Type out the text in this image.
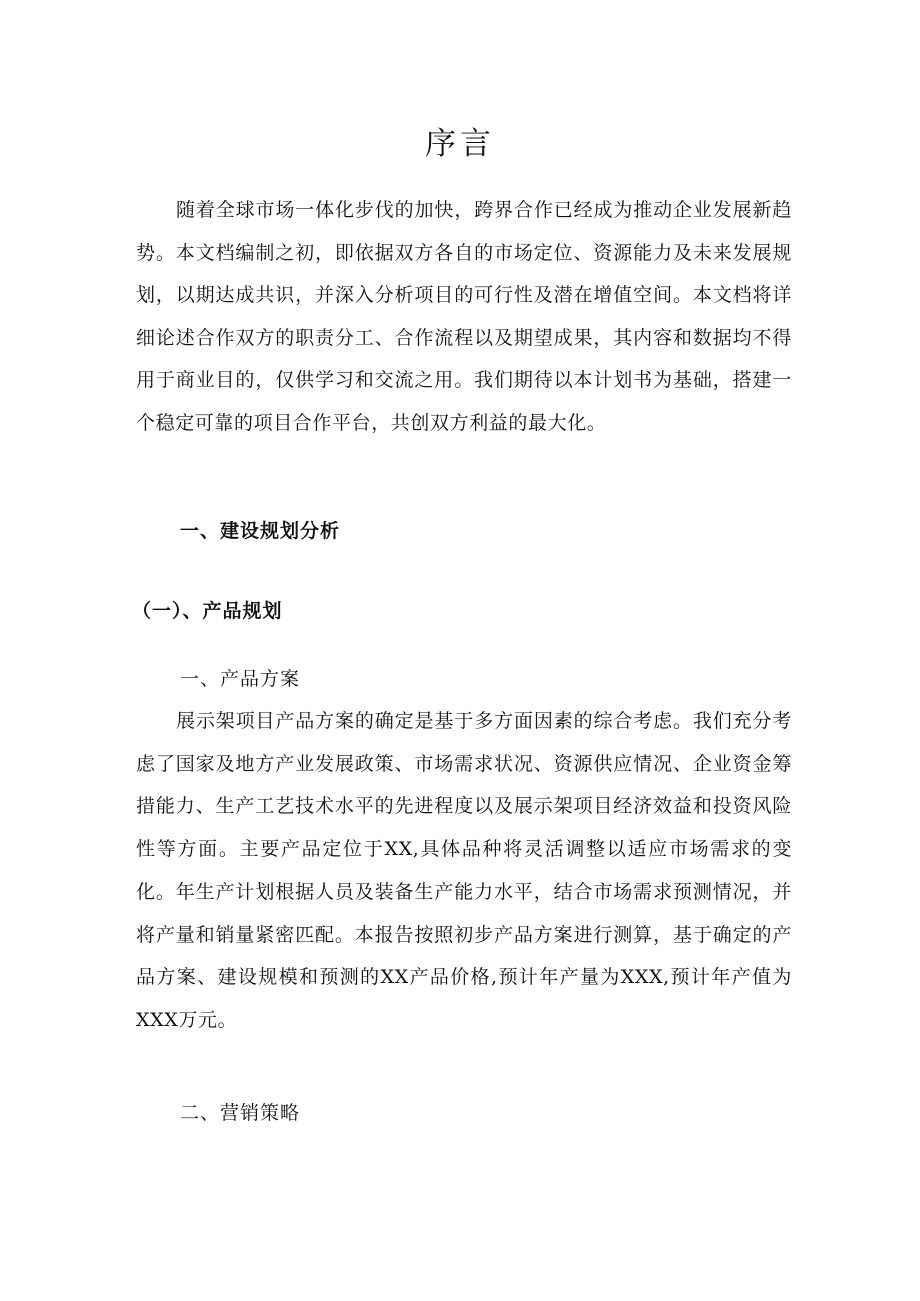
序言

随着全球市场一体化步伐的加快，跨界合作已经成为推动企业发展新趋势。本文档编制之初，即依据双方各自的市场定位、资源能力及未来发展规划，以期达成共识，并深入分析项目的可行性及潜在增值空间。本文档将详细论述合作双方的职责分工、合作流程以及期望成果，其内容和数据均不得用于商业目的，仅供学习和交流之用。我们期待以本计划书为基础，搭建一个稳定可靠的项目合作平台，共创双方利益的最大化。

一、建设规划分析
（一）、产品规划
一、产品方案

展示架项目产品方案的确定是基于多方面因素的综合考虑。我们充分考虑了国家及地方产业发展政策、市场需求状况、资源供应情况、企业资金筹措能力、生产工艺技术水平的先进程度以及展示架项目经济效益和投资风险性等方面。主要产品定位于XX,具体品种将灵活调整以适应市场需求的变化。年生产计划根据人员及装备生产能力水平，结合市场需求预测情况，并将产量和销量紧密匹配。本报告按照初步产品方案进行测算，基于确定的产品方案、建设规模和预测的XX产品价格,预计年产量为XXX,预计年产值为XXX万元。

二、营销策略
